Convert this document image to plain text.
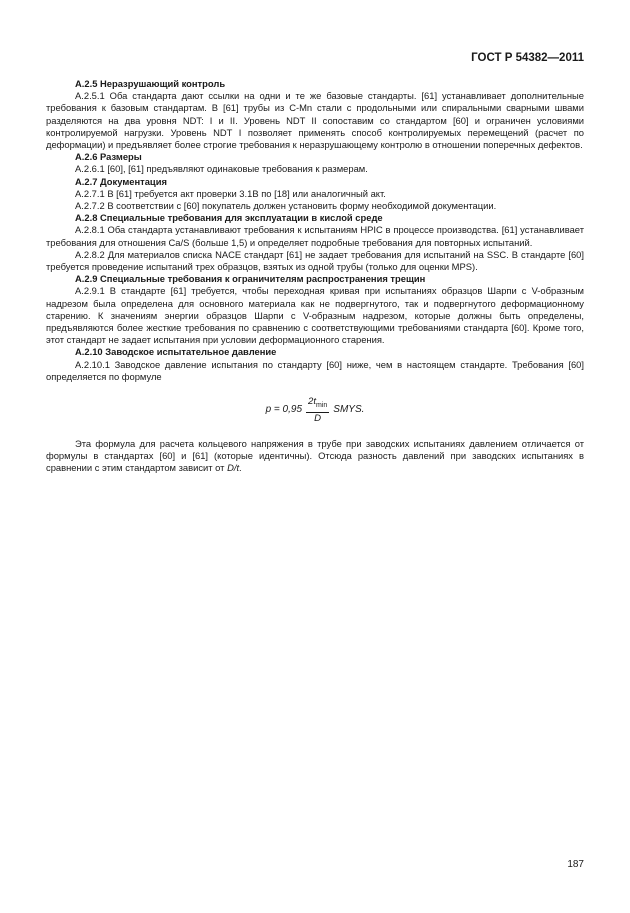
ГОСТ Р 54382—2011

A.2.5 Неразрушающий контроль

A.2.5.1 Оба стандарта дают ссылки на одни и те же базовые стандарты. [61] устанавливает дополнительные требования к базовым стандартам. В [61] трубы из С-Мn стали с продольными или спиральными сварными швами разделяются на два уровня NDT: I и II. Уровень NDT II сопоставим со стандартом [60] и ограничен условиями контролируемой нагрузки. Уровень NDT I позволяет применять способ контролируемых перемещений (расчет по деформации) и предъявляет более строгие требования к неразрушающему контролю в отношении поперечных дефектов.

A.2.6 Размеры

A.2.6.1 [60], [61] предъявляют одинаковые требования к размерам.

A.2.7 Документация

A.2.7.1 В [61] требуется акт проверки 3.1В по [18] или аналогичный акт.

A.2.7.2 В соответствии с [60] покупатель должен установить форму необходимой документации.

A.2.8 Специальные требования для эксплуатации в кислой среде

A.2.8.1 Оба стандарта устанавливают требования к испытаниям НРIС в процессе производства. [61] устанавливает требования для отношения Ca/S (больше 1,5) и определяет подробные требования для повторных испытаний.

A.2.8.2 Для материалов списка NACE стандарт [61] не задает требования для испытаний на SSC. В стандарте [60] требуется проведение испытаний трех образцов, взятых из одной трубы (только для оценки MPS).

A.2.9 Специальные требования к ограничителям распространения трещин

A.2.9.1 В стандарте [61] требуется, чтобы переходная кривая при испытаниях образцов Шарпи с V-образным надрезом была определена для основного материала как не подвергнутого, так и подвергнутого деформационному старению. К значениям энергии образцов Шарпи с V-образным надрезом, которые должны быть определены, предъявляются более жесткие требования по сравнению с соответствующими требованиями стандарта [60]. Кроме того, этот стандарт не задает испытания при условии деформационного старения.

A.2.10 Заводское испытательное давление

A.2.10.1 Заводское давление испытания по стандарту [60] ниже, чем в настоящем стандарте. Требования [60] определяется по формуле

$p = 0,95 \frac{2t_{min}}{D}$ SMYS.

Эта формула для расчета кольцевого напряжения в трубе при заводских испытаниях давлением отличается от формулы в стандартах [60] и [61] (которые идентичны). Отсюда разность давлений при заводских испытаниях в сравнении с этим стандартом зависит от D/t.

187
